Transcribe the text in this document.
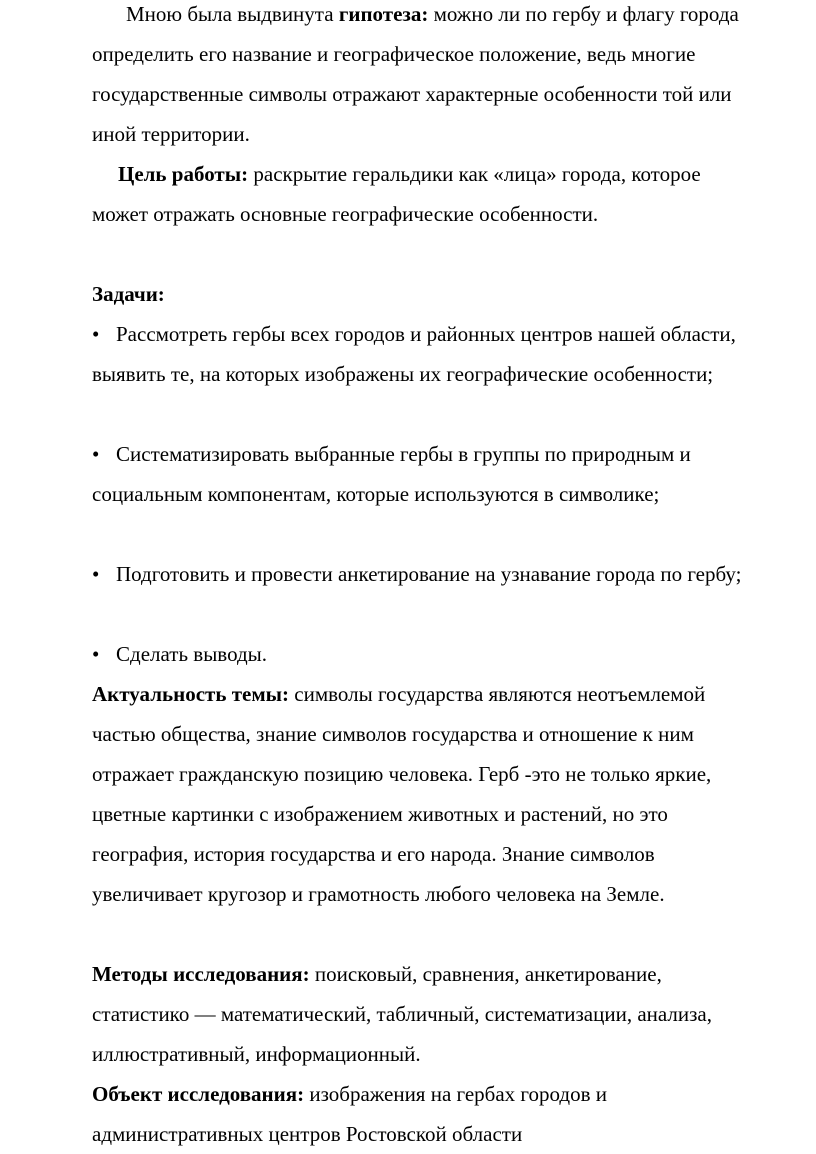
Мною была выдвинута гипотеза: можно ли по гербу и флагу города определить его название и географическое положение, ведь многие государственные символы отражают характерные особенности той или иной территории.

Цель работы: раскрытие геральдики как «лица» города, которое может отражать основные географические особенности.

Задачи:

• Рассмотреть гербы всех городов и районных центров нашей области, выявить те, на которых изображены их географические особенности;

• Систематизировать выбранные гербы в группы по природным и социальным компонентам, которые используются в символике;

• Подготовить и провести анкетирование на узнавание города по гербу;

• Сделать выводы.

Актуальность темы: символы государства являются неотъемлемой частью общества, знание символов государства и отношение к ним отражает гражданскую позицию человека. Герб -это не только яркие, цветные картинки с изображением животных и растений, но это география, история государства и его народа. Знание символов увеличивает кругозор и грамотность любого человека на Земле.

Методы исследования: поисковый, сравнения, анкетирование, статистико — математический, табличный, систематизации, анализа, иллюстративный, информационный.

Объект исследования: изображения на гербах городов и административных центров Ростовской области
